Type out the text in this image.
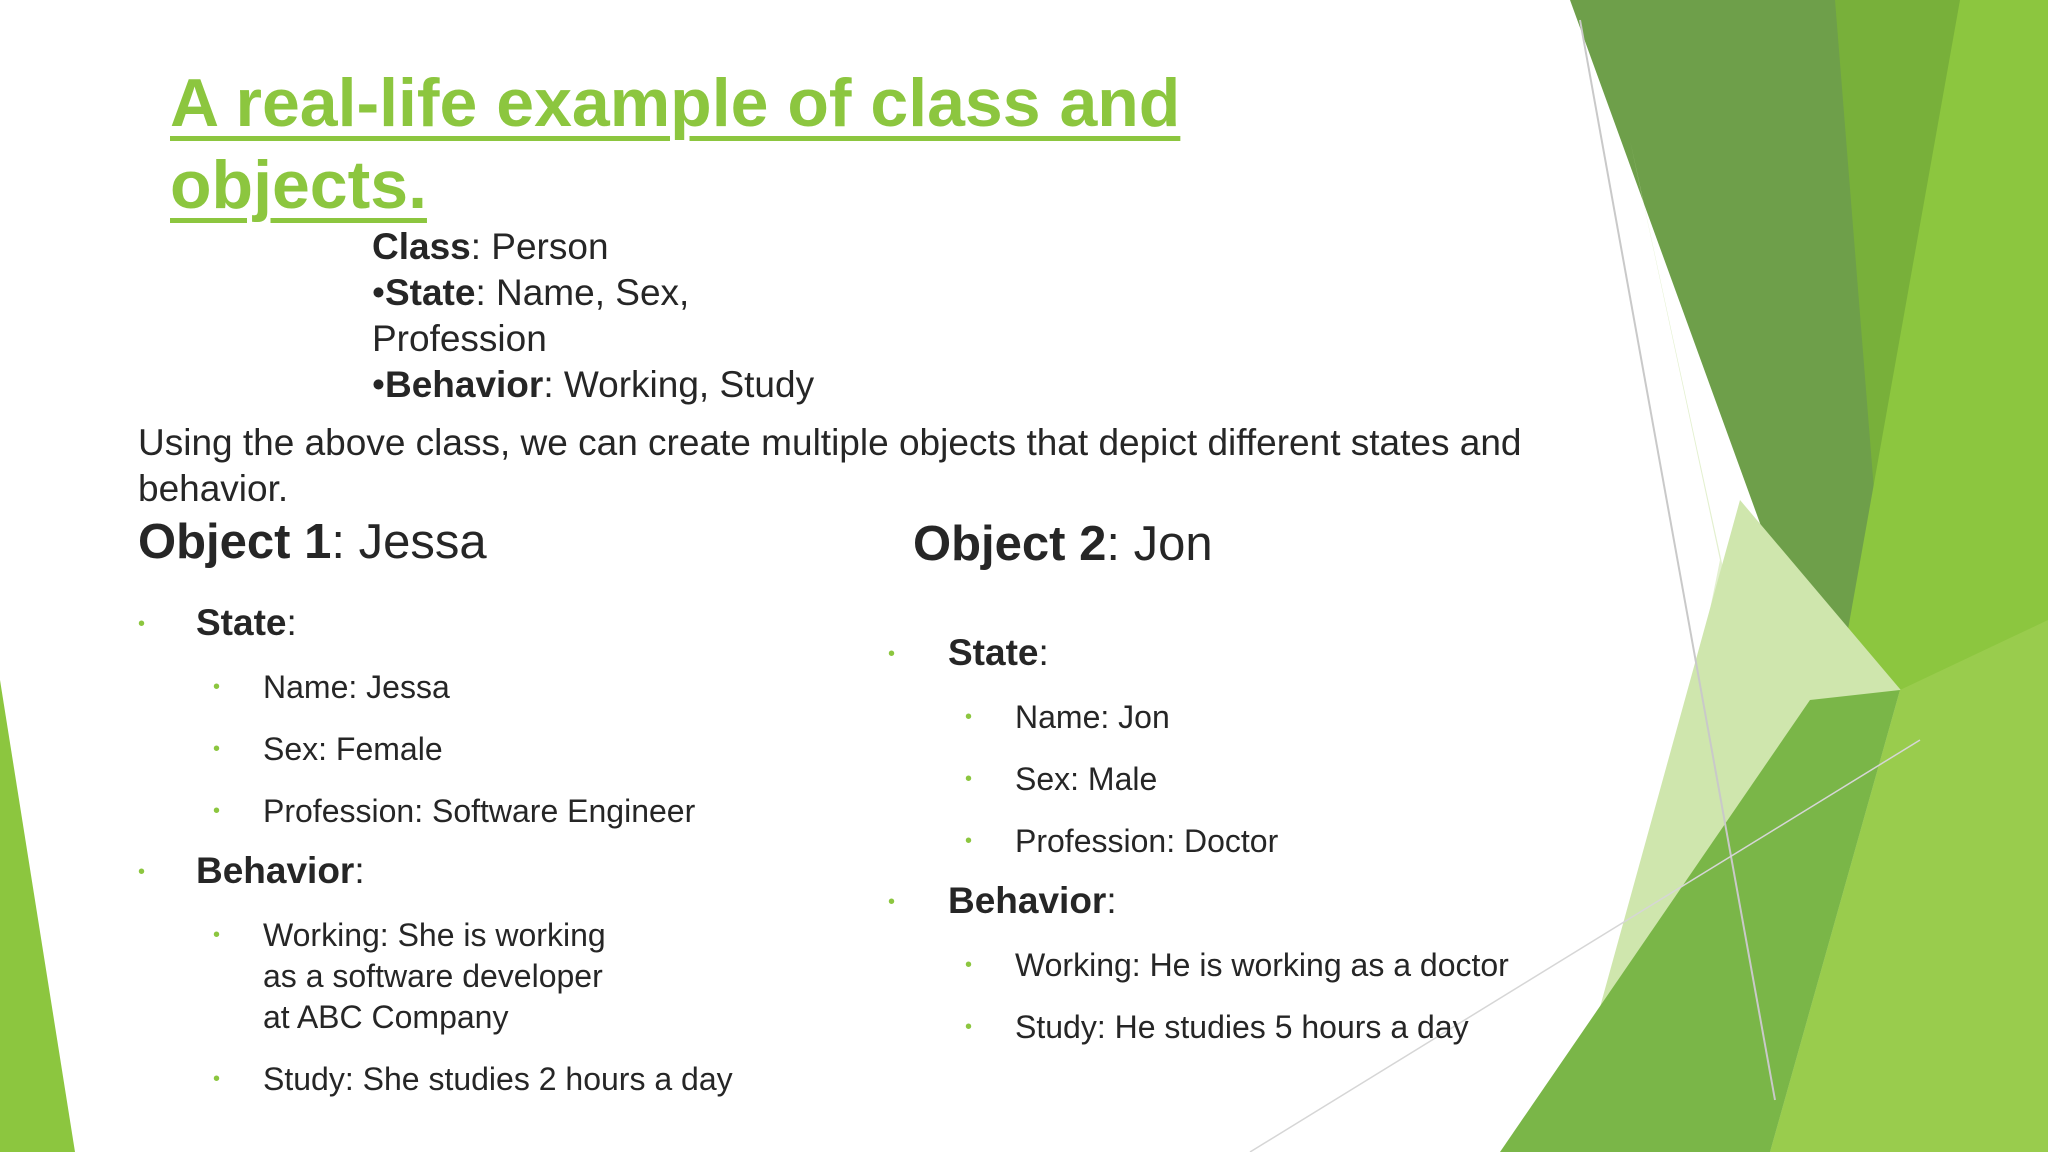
A real-life example of class and objects.
Class: Person
•State: Name, Sex, Profession
•Behavior: Working, Study

Using the above class, we can create multiple objects that depict different states and behavior.

Object 1: Jessa
• State:
• Name: Jessa
• Sex: Female
• Profession: Software Engineer
• Behavior:
• Working: She is working as a software developer at ABC Company
• Study: She studies 2 hours a day
Object 2: Jon
• State:
• Name: Jon
• Sex: Male
• Profession: Doctor
• Behavior:
• Working: He is working as a doctor
• Study: He studies 5 hours a day
